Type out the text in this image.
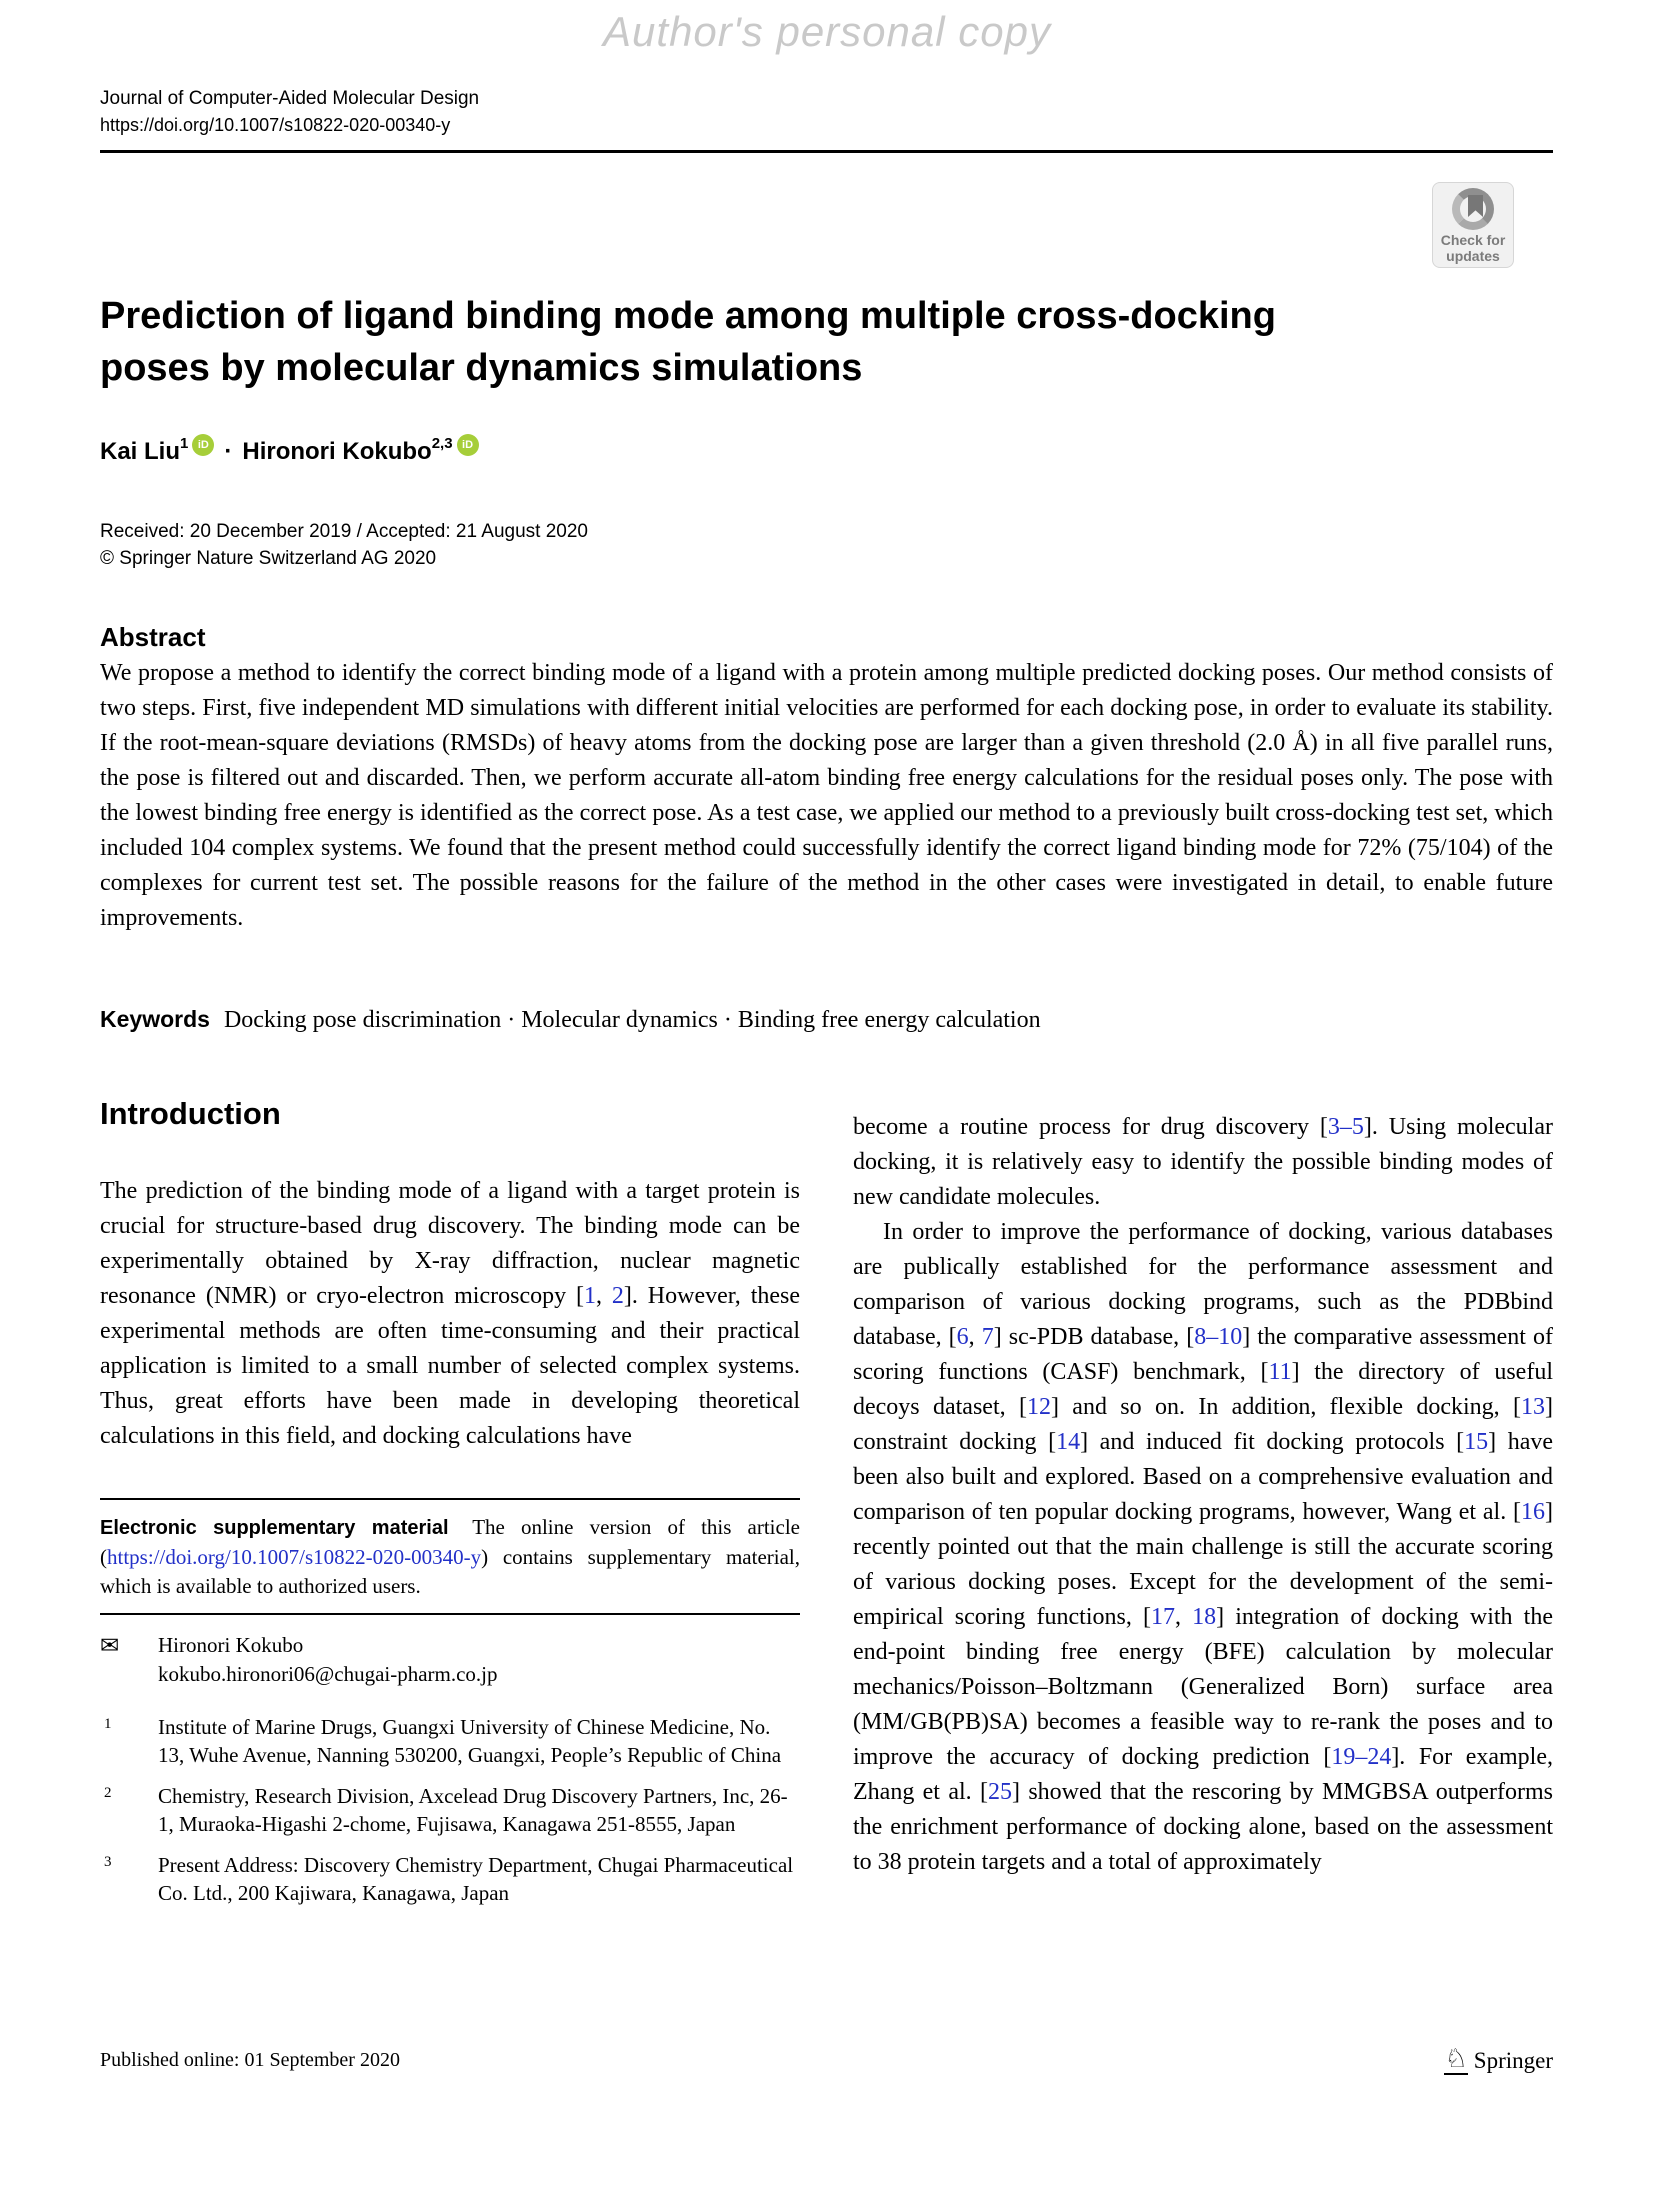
Author's personal copy
Journal of Computer-Aided Molecular Design
https://doi.org/10.1007/s10822-020-00340-y
Check for updates
Prediction of ligand binding mode among multiple cross-docking poses by molecular dynamics simulations
Kai Liu 1 iD · Hironori Kokubo 2,3 iD
Received: 20 December 2019 / Accepted: 21 August 2020
© Springer Nature Switzerland AG 2020
Abstract

We propose a method to identify the correct binding mode of a ligand with a protein among multiple predicted docking poses. Our method consists of two steps. First, five independent MD simulations with different initial velocities are performed for each docking pose, in order to evaluate its stability. If the root-mean-square deviations (RMSDs) of heavy atoms from the docking pose are larger than a given threshold (2.0 Å) in all five parallel runs, the pose is filtered out and discarded. Then, we perform accurate all-atom binding free energy calculations for the residual poses only. The pose with the lowest binding free energy is identified as the correct pose. As a test case, we applied our method to a previously built cross-docking test set, which included 104 complex systems. We found that the present method could successfully identify the correct ligand binding mode for 72% (75/104) of the complexes for current test set. The possible reasons for the failure of the method in the other cases were investigated in detail, to enable future improvements.

Keywords Docking pose discrimination · Molecular dynamics · Binding free energy calculation
Introduction

The prediction of the binding mode of a ligand with a target protein is crucial for structure-based drug discovery. The binding mode can be experimentally obtained by X-ray diffraction, nuclear magnetic resonance (NMR) or cryo-electron microscopy [1, 2]. However, these experimental methods are often time-consuming and their practical application is limited to a small number of selected complex systems. Thus, great efforts have been made in developing theoretical calculations in this field, and docking calculations have

Electronic supplementary material The online version of this article (https://doi.org/10.1007/s10822-020-00340-y) contains supplementary material, which is available to authorized users.
✉	Hironori Kokubo
kokubo.hironori06@chugai-pharm.co.jp
1	Institute of Marine Drugs, Guangxi University of Chinese Medicine, No. 13, Wuhe Avenue, Nanning 530200, Guangxi, People’s Republic of China
2	Chemistry, Research Division, Axcelead Drug Discovery Partners, Inc, 26-1, Muraoka-Higashi 2-chome, Fujisawa, Kanagawa 251-8555, Japan
3	Present Address: Discovery Chemistry Department, Chugai Pharmaceutical Co. Ltd., 200 Kajiwara, Kanagawa, Japan

become a routine process for drug discovery [3–5]. Using molecular docking, it is relatively easy to identify the possible binding modes of new candidate molecules.

In order to improve the performance of docking, various databases are publically established for the performance assessment and comparison of various docking programs, such as the PDBbind database, [6, 7] sc-PDB database, [8–10] the comparative assessment of scoring functions (CASF) benchmark, [11] the directory of useful decoys dataset, [12] and so on. In addition, flexible docking, [13] constraint docking [14] and induced fit docking protocols [15] have been also built and explored. Based on a comprehensive evaluation and comparison of ten popular docking programs, however, Wang et al. [16] recently pointed out that the main challenge is still the accurate scoring of various docking poses. Except for the development of the semi-empirical scoring functions, [17, 18] integration of docking with the end-point binding free energy (BFE) calculation by molecular mechanics/Poisson–Boltzmann (Generalized Born) surface area (MM/GB(PB)SA) becomes a feasible way to re-rank the poses and to improve the accuracy of docking prediction [19–24]. For example, Zhang et al. [25] showed that the rescoring by MMGBSA outperforms the enrichment performance of docking alone, based on the assessment to 38 protein targets and a total of approximately

Published online: 01 September 2020	♘ Springer
